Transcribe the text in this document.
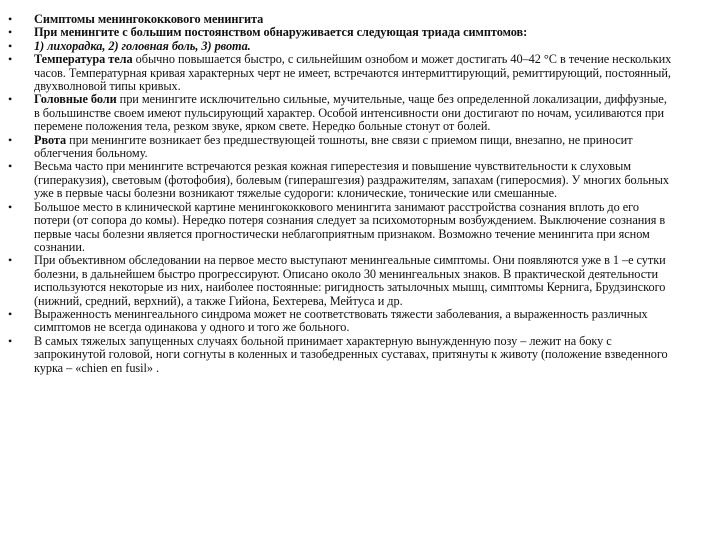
• Симптомы менингококкового менингита
• При менингите с большим постоянством обнаруживается следующая триада симптомов:
• 1) лихорадка, 2) головная боль, 3) рвота.
• Температура тела обычно повышается быстро, с сильнейшим ознобом и может достигать 40–42 °С в течение нескольких часов. Температурная кривая характерных черт не имеет, встречаются интермиттирующий, ремиттирующий, постоянный, двухволновой типы кривых.
• Головные боли при менингите исключительно сильные, мучительные, чаще без определенной локализации, диффузные, в большинстве своем имеют пульсирующий характер. Особой интенсивности они достигают по ночам, усиливаются при перемене положения тела, резком звуке, ярком свете. Нередко больные стонут от болей.
• Рвота при менингите возникает без предшествующей тошноты, вне связи с приемом пищи, внезапно, не приносит облегчения больному.
• Весьма часто при менингите встречаются резкая кожная гиперестезия и повышение чувствительности к слуховым (гиперакузия), световым (фотофобия), болевым (гиперашгезия) раздражителям, запахам (гиперосмия). У многих больных уже в первые часы болезни возникают тяжелые судороги: клонические, тонические или смешанные.
• Большое место в клинической картине менингококкового менингита занимают расстройства сознания вплоть до его потери (от сопора до комы). Нередко потеря сознания следует за психомоторным возбуждением. Выключение сознания в первые часы болезни является прогностически неблагоприятным признаком. Возможно течение менингита при ясном сознании.
• При объективном обследовании на первое место выступают менингеальные симптомы. Они появляются уже в 1 –е сутки болезни, в дальнейшем быстро прогрессируют. Описано около 30 менингеальных знаков. В практической деятельности используются некоторые из них, наиболее постоянные: ригидность затылочных мышц, симптомы Кернига, Брудзинского (нижний, средний, верхний), а также Гийона, Бехтерева, Мейтуса и др.
• Выраженность менингеального синдрома может не соответствовать тяжести заболевания, а выраженность различных симптомов не всегда одинакова у одного и того же больного.
• В самых тяжелых запущенных случаях больной принимает характерную вынужденную позу – лежит на боку с запрокинутой головой, ноги согнуты в коленных и тазобедренных суставах, притянуты к животу (положение взведенного курка – «chien en fusil» .
